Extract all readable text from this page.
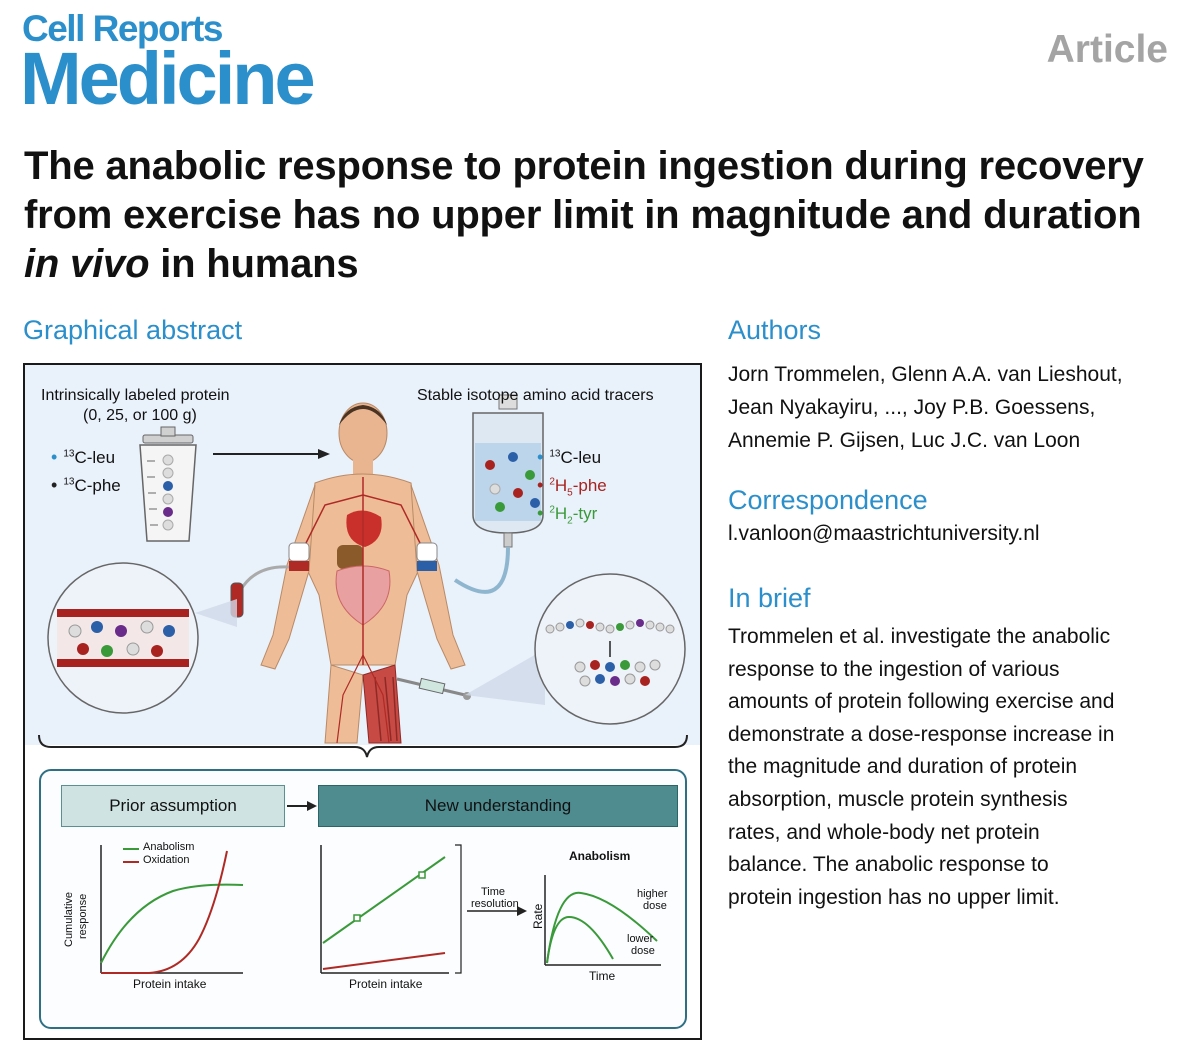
Cell Reports
Medicine	Article
The anabolic response to protein ingestion during recovery from exercise has no upper limit in magnitude and duration in vivo in humans
Graphical abstract	Authors
Correspondence
In brief
Jorn Trommelen, Glenn A.A. van Lieshout,
Jean Nyakayiru, ..., Joy P.B. Goessens,
Annemie P. Gijsen, Luc J.C. van Loon
l.vanloon@maastrichtuniversity.nl
Trommelen et al. investigate the anabolic
response to the ingestion of various
amounts of protein following exercise and
demonstrate a dose-response increase in
the magnitude and duration of protein
absorption, muscle protein synthesis
rates, and whole-body net protein
balance. The anabolic response to
protein ingestion has no upper limit.
Intrinsically labeled protein
(0, 25, or 100 g)
Stable isotope amino acid tracers
• $^{13}$C-leu
• $^{13}$C-phe
• $^{13}$C-leu
• $^2H_5$-phe
• $^2H_2$-tyr
Prior assumption	New understanding
Anabolism
Oxidation
Cumulative response
Protein intake	Protein intake
Time
resolution
Anabolism
Rate
Time
higher
dose
lower
dose
